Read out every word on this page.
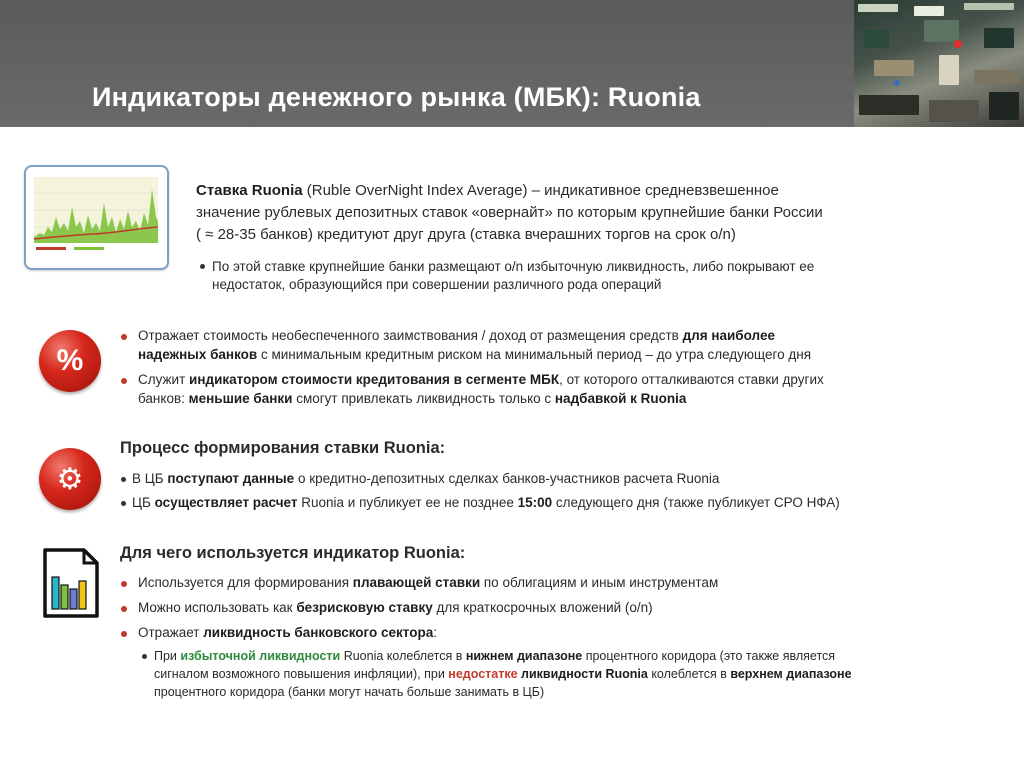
Индикаторы денежного рынка (МБК): Ruonia
Ставка Ruonia (Ruble OverNight Index Average) – индикативное средневзвешенное
значение рублевых депозитных ставок «овернайт» по которым крупнейшие банки России
( ≈ 28-35 банков) кредитуют друг друга (ставка вчерашних торгов на срок o/n)
По этой ставке крупнейшие банки размещают o/n избыточную ликвидность, либо покрывают ее
недостаток, образующийся при совершении различного рода операций
%
Отражает стоимость необеспеченного заимствования / доход от размещения средств для наиболее
надежных банков с минимальным кредитным риском на минимальный период – до утра следующего дня
Служит индикатором стоимости кредитования в сегменте МБК, от которого отталкиваются ставки других
банков: меньшие банки смогут привлекать ликвидность только с надбавкой к Ruonia
⚙
Процесс формирования ставки Ruonia:
В ЦБ поступают данные о кредитно-депозитных сделках банков-участников расчета Ruonia
ЦБ осуществляет расчет Ruonia и публикует ее не позднее 15:00 следующего дня (также публикует СРО НФА)
Для чего используется индикатор Ruonia:
Используется для формирования плавающей ставки по облигациям и иным инструментам
Можно использовать как безрисковую ставку для краткосрочных вложений (o/n)
Отражает ликвидность банковского сектора:
При избыточной ликвидности Ruonia колеблется в нижнем диапазоне процентного коридора (это также является
сигналом возможного повышения инфляции), при недостатке ликвидности Ruonia колеблется в верхнем диапазоне
процентного коридора (банки могут начать больше занимать в ЦБ)
